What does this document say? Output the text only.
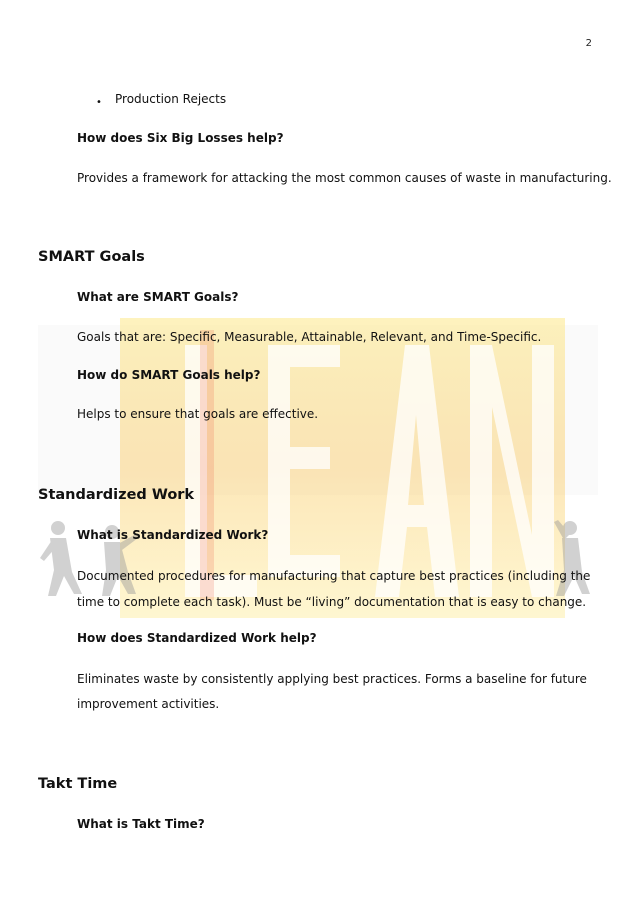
2
• Production Rejects
How does Six Big Losses help?
Provides a framework for attacking the most common causes of waste in manufacturing.
SMART Goals
What are SMART Goals?
Goals that are: Specific, Measurable, Attainable, Relevant, and Time-Specific.
How do SMART Goals help?
Helps to ensure that goals are effective.
Standardized Work
What is Standardized Work?
Documented procedures for manufacturing that capture best practices (including the
time to complete each task). Must be “living” documentation that is easy to change.
How does Standardized Work help?
Eliminates waste by consistently applying best practices. Forms a baseline for future
improvement activities.
Takt Time
What is Takt Time?
